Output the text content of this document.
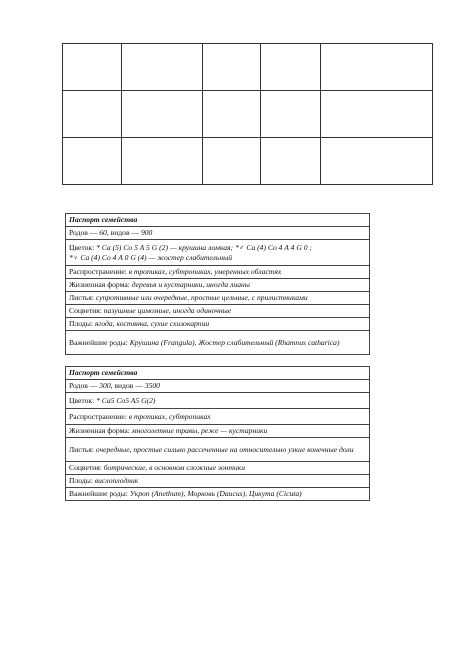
Паспорт семейства
Родов — 60, видов — 900
Цветок: * Ca (5) Co 5 A 5 G (2) — крушина ломкая; *♂ Ca (4) Co 4 A 4 G 0 ;
*♀ Ca (4) Co 4 A 0 G (4) — жостер слабительный
Распространение: в тропиках, субтропиках, умеренных областях
Жизненная форма: деревья и кустарники, иногда лианы
Листья: супротивные или очередные, простые цельные, с прилистниками
Соцветия: пазушные цимозные, иногда одиночные
Плоды: ягода, костянка, сухие схизокарпии
Важнейшие роды: Крушина (Frangula), Жостер слабительный (Rhamnus catharica)
Паспорт семейства
Родов — 300, видов — 3500
Цветок: * Ca5 Co5 A5 G(2)
Распространение: в тропиках, субтропиках
Жизненная форма: многолетние травы, реже — кустарники
Листья: очередные, простые сильно рассеченные на относительно узкие конечные доли
Соцветия: ботрические, в основном сложные зонтики
Плоды: вислоплодник
Важнейшие роды: Укроп (Anethum), Морковь (Daucus), Цикута (Cicuta)
